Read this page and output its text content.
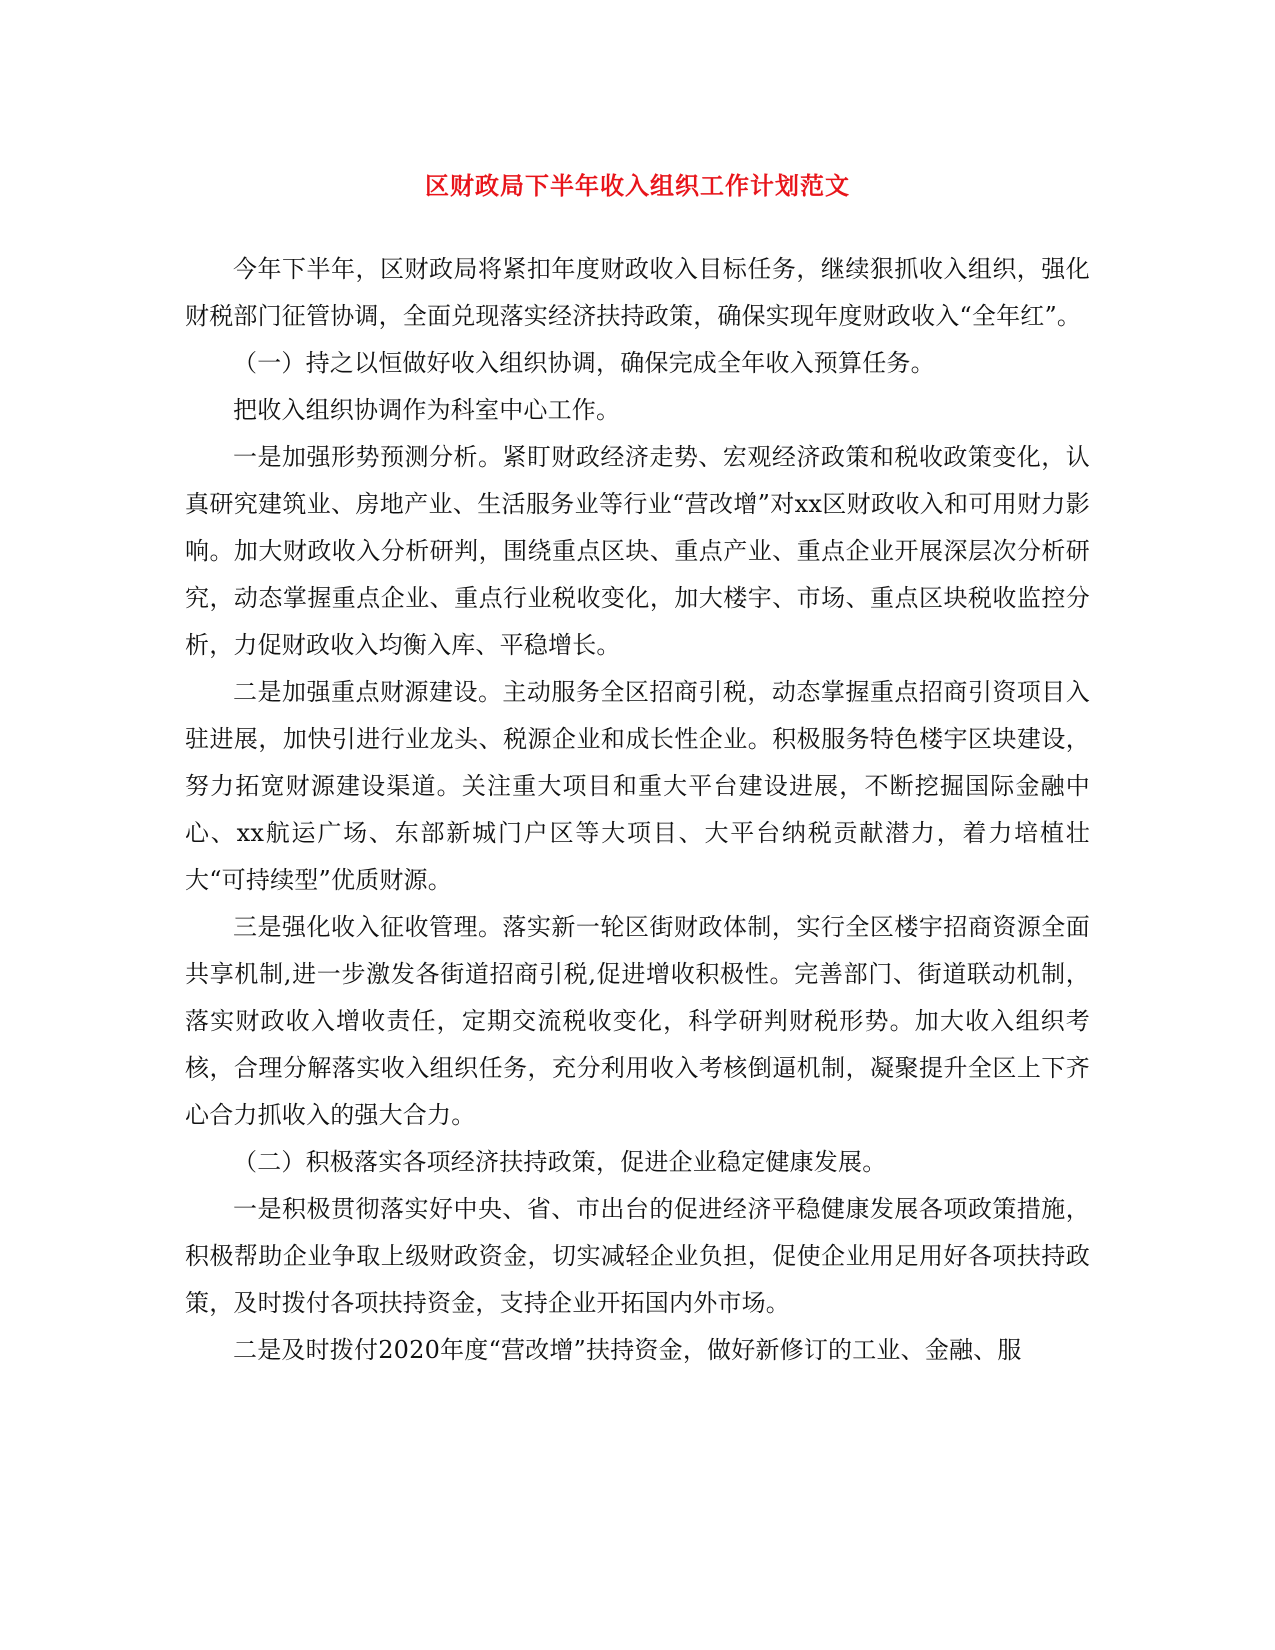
区财政局下半年收入组织工作计划范文

今年下半年，区财政局将紧扣年度财政收入目标任务，继续狠抓收入组织，强化财税部门征管协调，全面兑现落实经济扶持政策，确保实现年度财政收入“全年红”。

（一）持之以恒做好收入组织协调，确保完成全年收入预算任务。

把收入组织协调作为科室中心工作。

一是加强形势预测分析。紧盯财政经济走势、宏观经济政策和税收政策变化，认真研究建筑业、房地产业、生活服务业等行业“营改增”对xx区财政收入和可用财力影响。加大财政收入分析研判，围绕重点区块、重点产业、重点企业开展深层次分析研究，动态掌握重点企业、重点行业税收变化，加大楼宇、市场、重点区块税收监控分析，力促财政收入均衡入库、平稳增长。

二是加强重点财源建设。主动服务全区招商引税，动态掌握重点招商引资项目入驻进展，加快引进行业龙头、税源企业和成长性企业。积极服务特色楼宇区块建设，努力拓宽财源建设渠道。关注重大项目和重大平台建设进展，不断挖掘国际金融中心、xx航运广场、东部新城门户区等大项目、大平台纳税贡献潜力，着力培植壮大“可持续型”优质财源。

三是强化收入征收管理。落实新一轮区街财政体制，实行全区楼宇招商资源全面共享机制,进一步激发各街道招商引税,促进增收积极性。完善部门、街道联动机制，落实财政收入增收责任，定期交流税收变化，科学研判财税形势。加大收入组织考核，合理分解落实收入组织任务，充分利用收入考核倒逼机制，凝聚提升全区上下齐心合力抓收入的强大合力。

（二）积极落实各项经济扶持政策，促进企业稳定健康发展。

一是积极贯彻落实好中央、省、市出台的促进经济平稳健康发展各项政策措施，积极帮助企业争取上级财政资金，切实减轻企业负担，促使企业用足用好各项扶持政策，及时拨付各项扶持资金，支持企业开拓国内外市场。

二是及时拨付2020年度“营改增”扶持资金，做好新修订的工业、金融、服
